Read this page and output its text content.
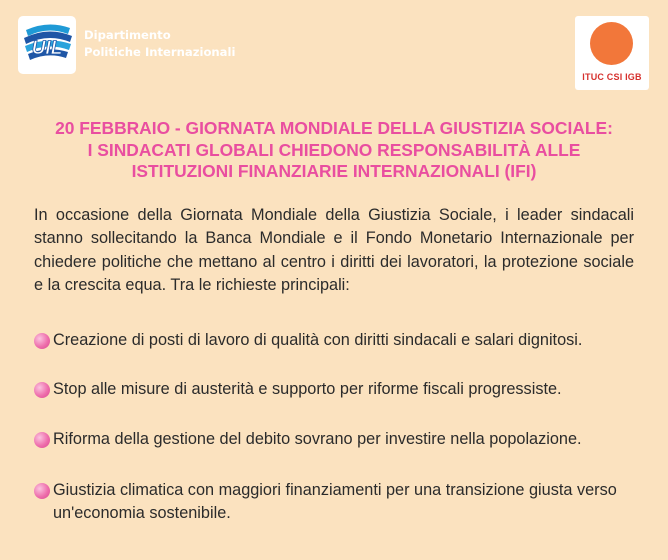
UIL
Dipartimento
Politiche Internazionali
ITUC CSI IGB
20 FEBBRAIO - GIORNATA MONDIALE DELLA GIUSTIZIA SOCIALE:
I SINDACATI GLOBALI CHIEDONO RESPONSABILITÀ ALLE
ISTITUZIONI FINANZIARIE INTERNAZIONALI (IFI)
In occasione della Giornata Mondiale della Giustizia Sociale, i leader sindacali stanno sollecitando la Banca Mondiale e il Fondo Monetario Internazionale per chiedere politiche che mettano al centro i diritti dei lavoratori, la protezione sociale e la crescita equa. Tra le richieste principali:
Creazione di posti di lavoro di qualità con diritti sindacali e salari dignitosi.
Stop alle misure di austerità e supporto per riforme fiscali progressiste.
Riforma della gestione del debito sovrano per investire nella popolazione.
Giustizia climatica con maggiori finanziamenti per una transizione giusta verso un'economia sostenibile.
